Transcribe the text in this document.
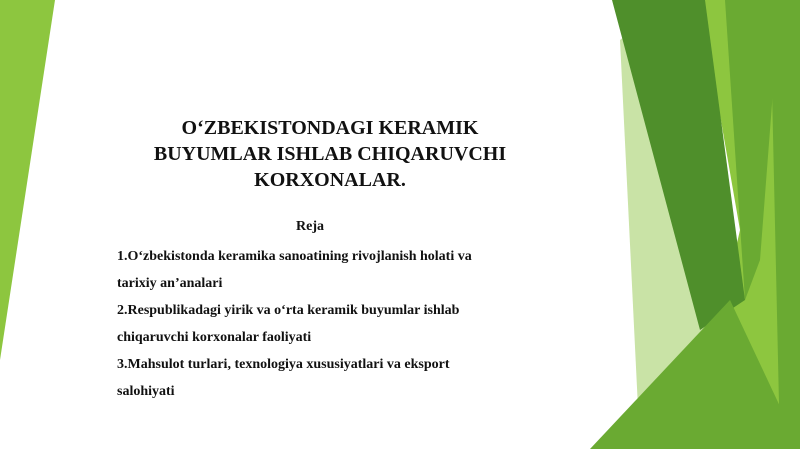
O‘ZBEKISTONDAGI KERAMIK
BUYUMLAR ISHLAB CHIQARUVCHI
KORXONALAR.
Reja
1.O‘zbekistonda keramika sanoatining rivojlanish holati va
tarixiy an’analari
2.Respublikadagi yirik va o‘rta keramik buyumlar ishlab
chiqaruvchi korxonalar faoliyati
3.Mahsulot turlari, texnologiya xususiyatlari va eksport
salohiyati
